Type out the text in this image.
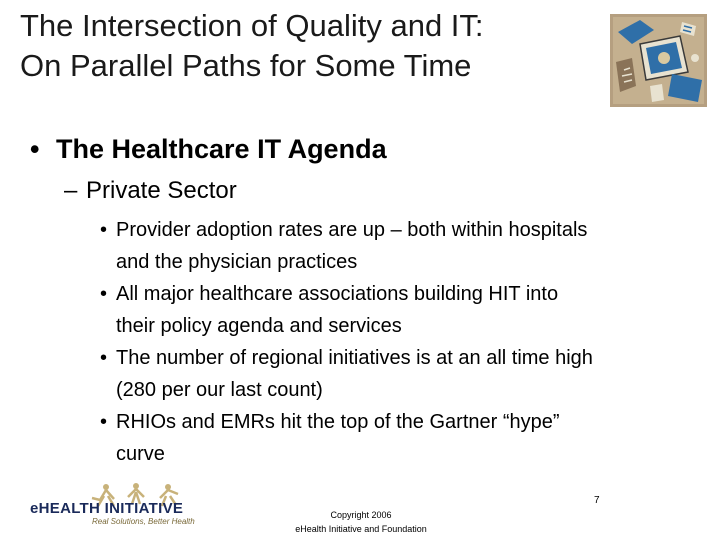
The Intersection of Quality and IT:
On Parallel Paths for Some Time
• The Healthcare IT Agenda
– Private Sector
• Provider adoption rates are up – both within hospitals
and the physician practices
• All major healthcare associations building HIT into
their policy agenda and services
• The number of regional initiatives is at an all time high
(280 per our last count)
• RHIOs and EMRs hit the top of the Gartner “hype”
curve
eHEALTH INITIATIVE
Real Solutions, Better Health
Copyright 2006
eHealth Initiative and Foundation
7
